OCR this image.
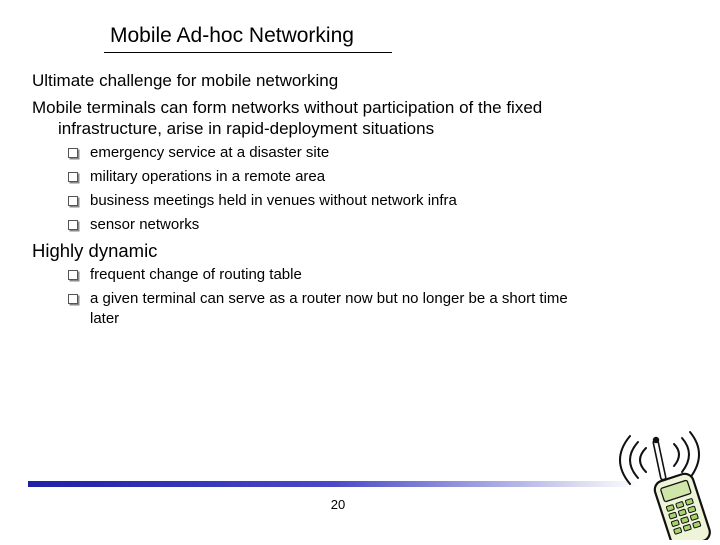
Mobile Ad-hoc Networking
Ultimate challenge for mobile networking
Mobile terminals can form networks without participation of the fixed
infrastructure, arise in rapid-deployment situations
emergency service at a disaster site
military operations in a remote area
business meetings held in venues without network infra
sensor networks
Highly dynamic
frequent change of routing table
a given terminal can serve as a router now but no longer be a short time
later
20
